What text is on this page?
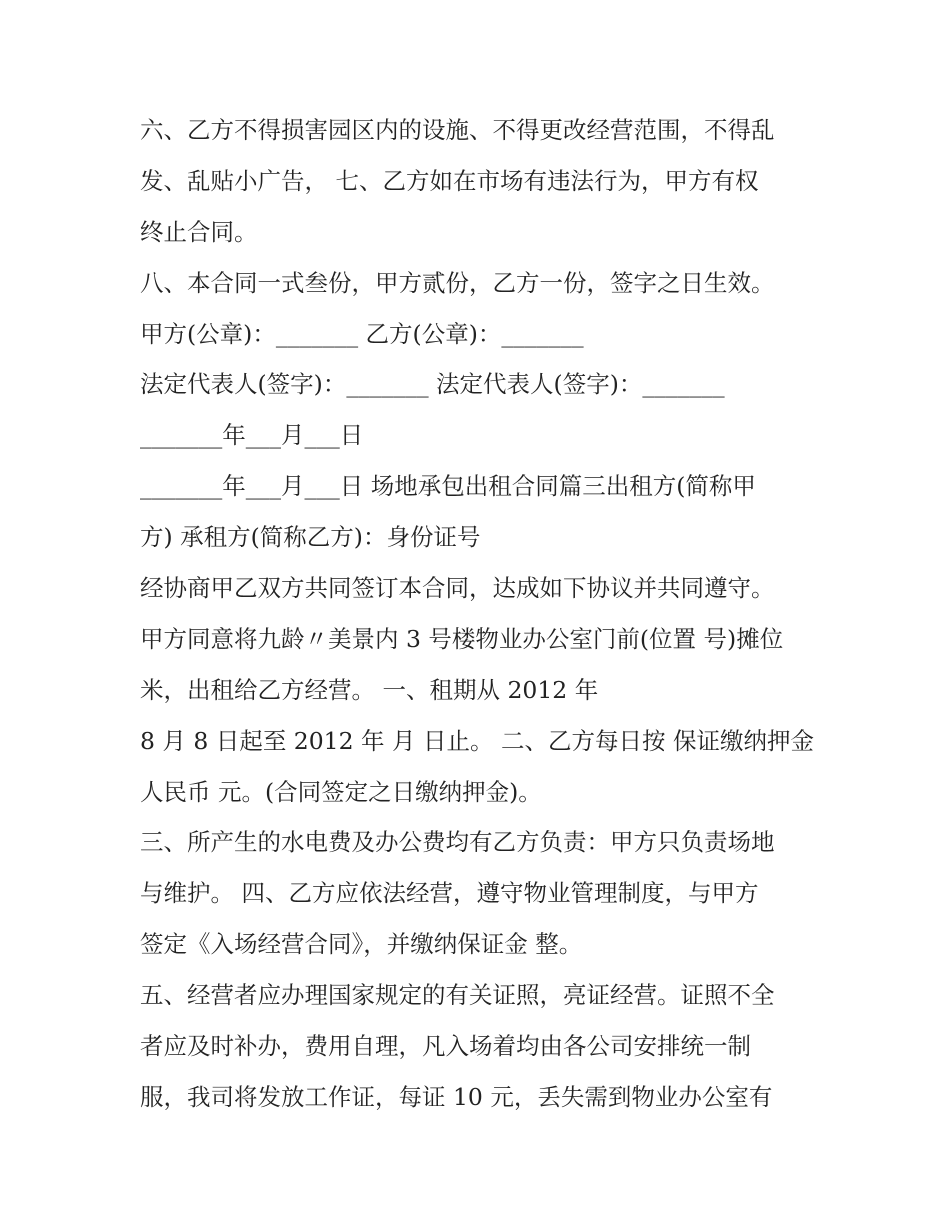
六、乙方不得损害园区内的设施、不得更改经营范围，不得乱
发、乱贴小广告， 七、乙方如在市场有违法行为，甲方有权
终止合同。
八、本合同一式叁份，甲方贰份，乙方一份，签字之日生效。
甲方(公章)：_______ 乙方(公章)：_______
法定代表人(签字)：_______ 法定代表人(签字)：_______
_______年___月___日
_______年___月___日 场地承包出租合同篇三出租方(简称甲
方) 承租方(简称乙方)：身份证号
经协商甲乙双方共同签订本合同，达成如下协议并共同遵守。
甲方同意将九龄〃美景内 3 号楼物业办公室门前(位置 号)摊位
米，出租给乙方经营。 一、租期从 2012 年
8 月 8 日起至 2012 年 月 日止。 二、乙方每日按 保证缴纳押金
人民币 元。(合同签定之日缴纳押金)。
三、所产生的水电费及办公费均有乙方负责：甲方只负责场地
与维护。 四、乙方应依法经营，遵守物业管理制度，与甲方
签定《入场经营合同》，并缴纳保证金 整。
五、经营者应办理国家规定的有关证照，亮证经营。证照不全
者应及时补办，费用自理，凡入场着均由各公司安排统一制
服，我司将发放工作证，每证 10 元，丢失需到物业办公室有
